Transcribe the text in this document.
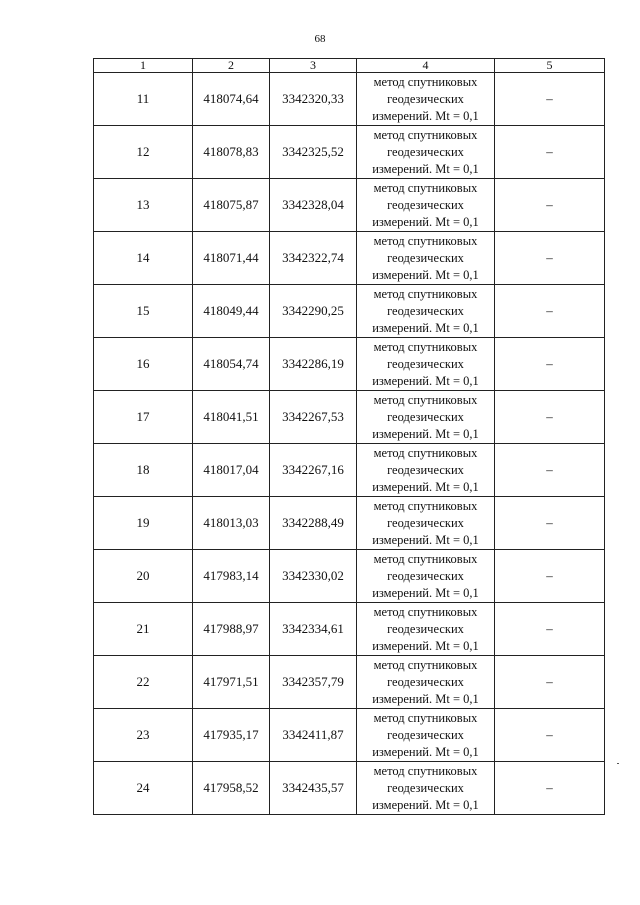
68
1	2	3	4	5
11	418074,64	3342320,33	метод спутниковых
геодезических
измерений. Mt = 0,1	–
12	418078,83	3342325,52	метод спутниковых
геодезических
измерений. Mt = 0,1	–
13	418075,87	3342328,04	метод спутниковых
геодезических
измерений. Mt = 0,1	–
14	418071,44	3342322,74	метод спутниковых
геодезических
измерений. Mt = 0,1	–
15	418049,44	3342290,25	метод спутниковых
геодезических
измерений. Mt = 0,1	–
16	418054,74	3342286,19	метод спутниковых
геодезических
измерений. Mt = 0,1	–
17	418041,51	3342267,53	метод спутниковых
геодезических
измерений. Mt = 0,1	–
18	418017,04	3342267,16	метод спутниковых
геодезических
измерений. Mt = 0,1	–
19	418013,03	3342288,49	метод спутниковых
геодезических
измерений. Mt = 0,1	–
20	417983,14	3342330,02	метод спутниковых
геодезических
измерений. Mt = 0,1	–
21	417988,97	3342334,61	метод спутниковых
геодезических
измерений. Mt = 0,1	–
22	417971,51	3342357,79	метод спутниковых
геодезических
измерений. Mt = 0,1	–
23	417935,17	3342411,87	метод спутниковых
геодезических
измерений. Mt = 0,1	–
24	417958,52	3342435,57	метод спутниковых
геодезических
измерений. Mt = 0,1	–
